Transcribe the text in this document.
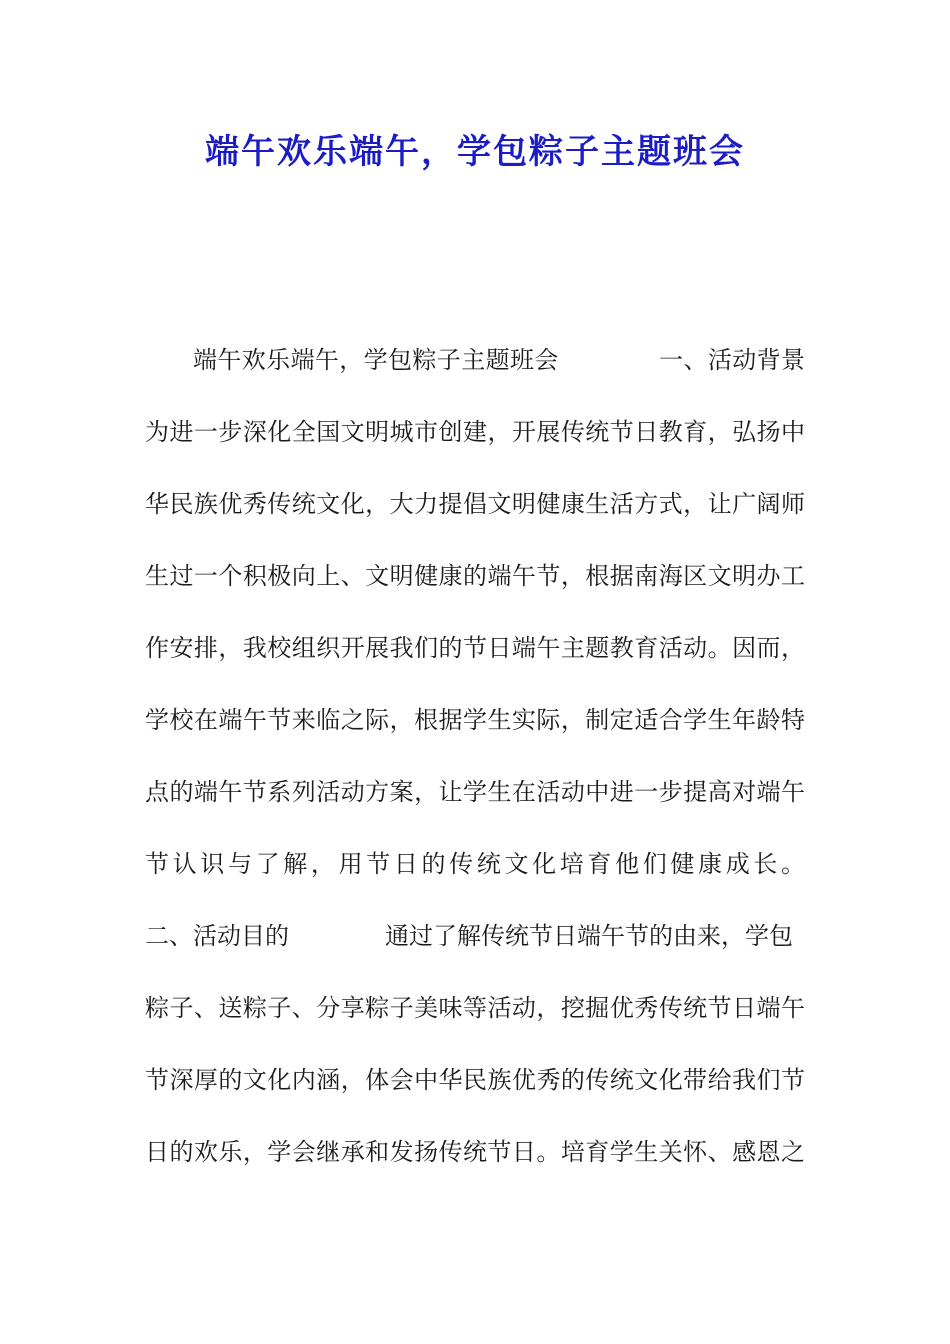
端午欢乐端午，学包粽子主题班会
端午欢乐端午，学包粽子主题班会	一、活动背景
为进一步深化全国文明城市创建，开展传统节日教育，弘扬中
华民族优秀传统文化，大力提倡文明健康生活方式，让广阔师
生过一个积极向上、文明健康的端午节，根据南海区文明办工
作安排，我校组织开展我们的节日端午主题教育活动。因而，
学校在端午节来临之际，根据学生实际，制定适合学生年龄特
点的端午节系列活动方案，让学生在活动中进一步提高对端午
节认识与了解，用节日的传统文化培育他们健康成长。
二、活动目的	通过了解传统节日端午节的由来，学包
粽子、送粽子、分享粽子美味等活动，挖掘优秀传统节日端午
节深厚的文化内涵，体会中华民族优秀的传统文化带给我们节
日的欢乐，学会继承和发扬传统节日。培育学生关怀、感恩之
